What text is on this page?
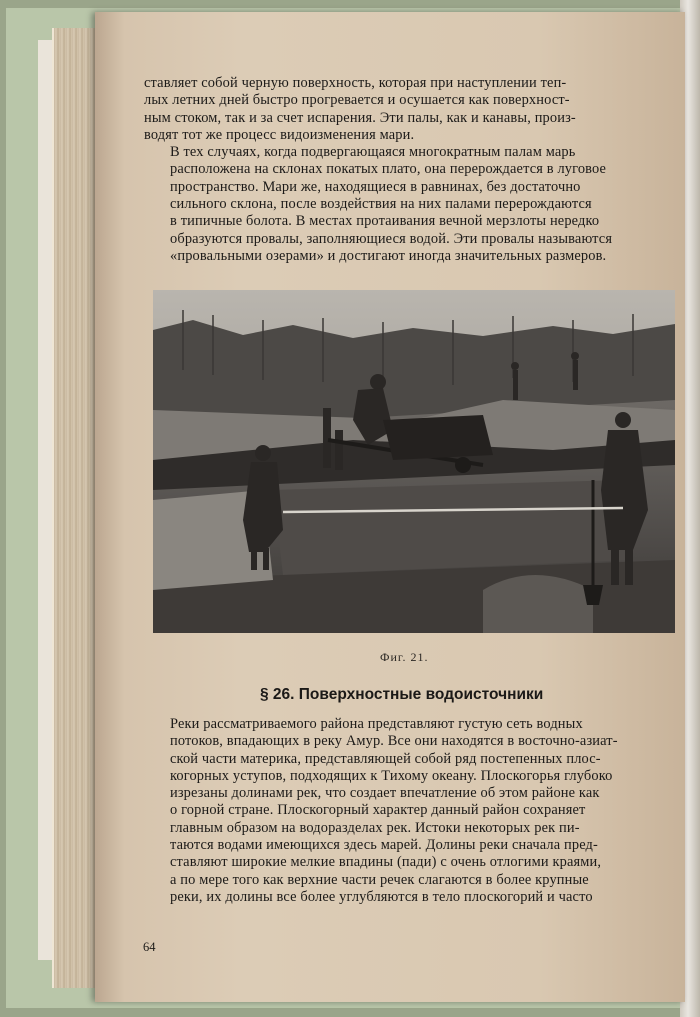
ставляет собой черную поверхность, которая при наступлении теп-
лых летних дней быстро прогревается и осушается как поверхност-
ным стоком, так и за счет испарения. Эти палы, как и канавы, произ-
водят тот же процесс видоизменения мари.

В тех случаях, когда подвергающаяся многократным палам марь
расположена на склонах покатых плато, она перерождается в луговое
пространство. Мари же, находящиеся в равнинах, без достаточно
сильного склона, после воздействия на них палами перерождаются
в типичные болота. В местах протаивания вечной мерзлоты нередко
образуются провалы, заполняющиеся водой. Эти провалы называются
«провальными озерами» и достигают иногда значительных размеров.

Фиг. 21.
§ 26. Поверхностные водоисточники

Реки рассматриваемого района представляют густую сеть водных
потоков, впадающих в реку Амур. Все они находятся в восточно-азиат-
ской части материка, представляющей собой ряд постепенных плос-
когорных уступов, подходящих к Тихому океану. Плоскогорья глубоко
изрезаны долинами рек, что создает впечатление об этом районе как
о горной стране. Плоскогорный характер данный район сохраняет
главным образом на водоразделах рек. Истоки некоторых рек пи-
таются водами имеющихся здесь марей. Долины реки сначала пред-
ставляют широкие мелкие впадины (пади) с очень отлогими краями,
а по мере того как верхние части речек слагаются в более крупные
реки, их долины все более углубляются в тело плоскогорий и часто

64
